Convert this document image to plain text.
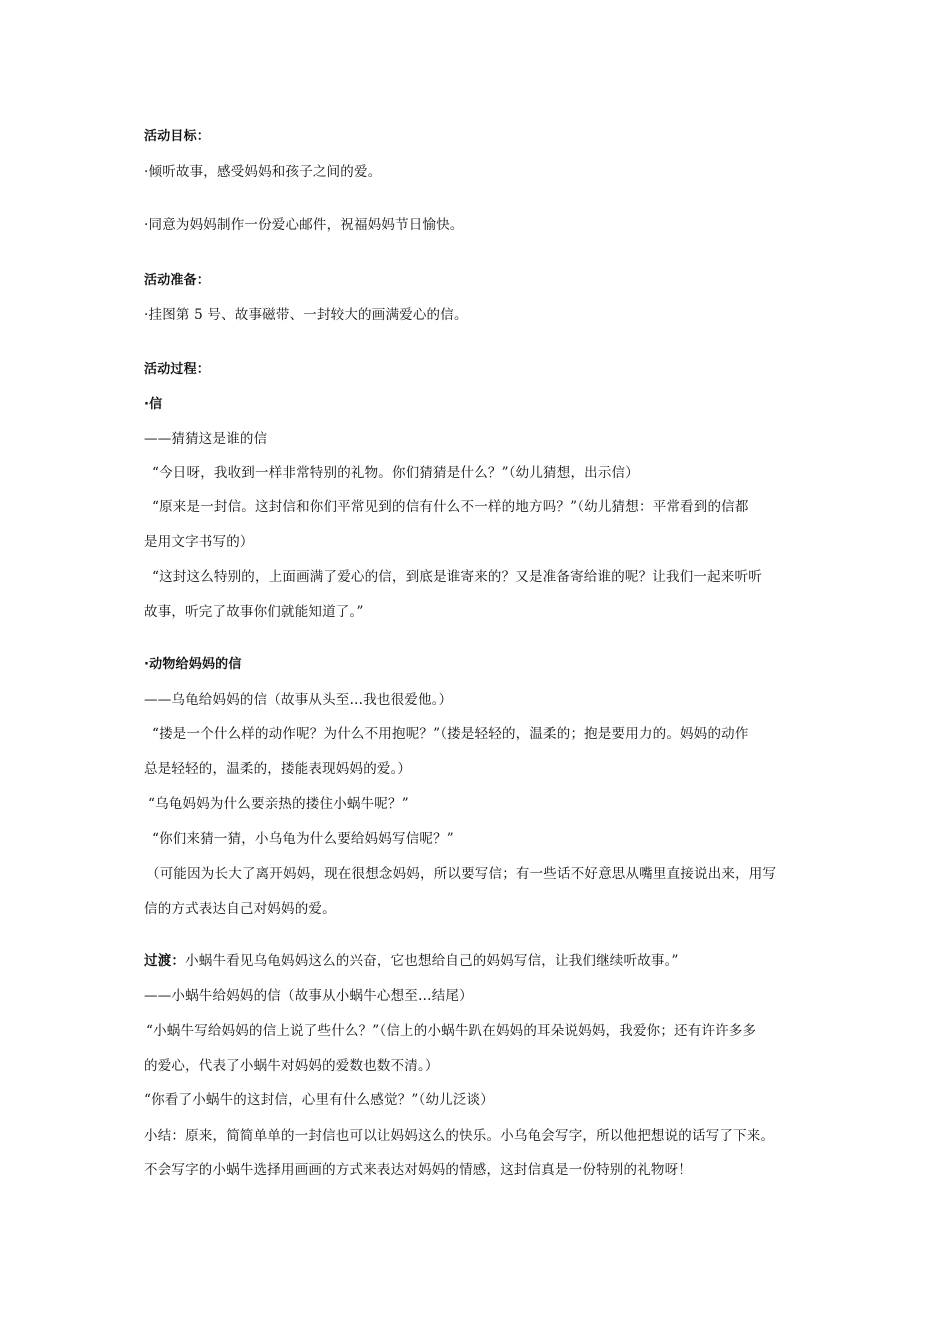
活动目标：
·倾听故事，感受妈妈和孩子之间的爱。
·同意为妈妈制作一份爱心邮件，祝福妈妈节日愉快。
活动准备：
·挂图第 5 号、故事磁带、一封较大的画满爱心的信。
活动过程：
·信
——猜猜这是谁的信
“今日呀，我收到一样非常特别的礼物。你们猜猜是什么？”（幼儿猜想，出示信）
“原来是一封信。这封信和你们平常见到的信有什么不一样的地方吗？”（幼儿猜想：平常看到的信都
是用文字书写的）
“这封这么特别的，上面画满了爱心的信，到底是谁寄来的？又是准备寄给谁的呢？让我们一起来听听
故事，听完了故事你们就能知道了。”
·动物给妈妈的信
——乌龟给妈妈的信（故事从头至…我也很爱他。）
“搂是一个什么样的动作呢？为什么不用抱呢？”（搂是轻轻的，温柔的；抱是要用力的。妈妈的动作
总是轻轻的，温柔的，搂能表现妈妈的爱。）
“乌龟妈妈为什么要亲热的搂住小蜗牛呢？”
“你们来猜一猜，小乌龟为什么要给妈妈写信呢？”
（可能因为长大了离开妈妈，现在很想念妈妈，所以要写信；有一些话不好意思从嘴里直接说出来，用写
信的方式表达自己对妈妈的爱。
过渡：小蜗牛看见乌龟妈妈这么的兴奋，它也想给自己的妈妈写信，让我们继续听故事。”
——小蜗牛给妈妈的信（故事从小蜗牛心想至…结尾）
“小蜗牛写给妈妈的信上说了些什么？”（信上的小蜗牛趴在妈妈的耳朵说妈妈，我爱你；还有许许多多
的爱心，代表了小蜗牛对妈妈的爱数也数不清。）
“你看了小蜗牛的这封信，心里有什么感觉？”（幼儿泛谈）
小结：原来，简简单单的一封信也可以让妈妈这么的快乐。小乌龟会写字，所以他把想说的话写了下来。
不会写字的小蜗牛选择用画画的方式来表达对妈妈的情感，这封信真是一份特别的礼物呀！
